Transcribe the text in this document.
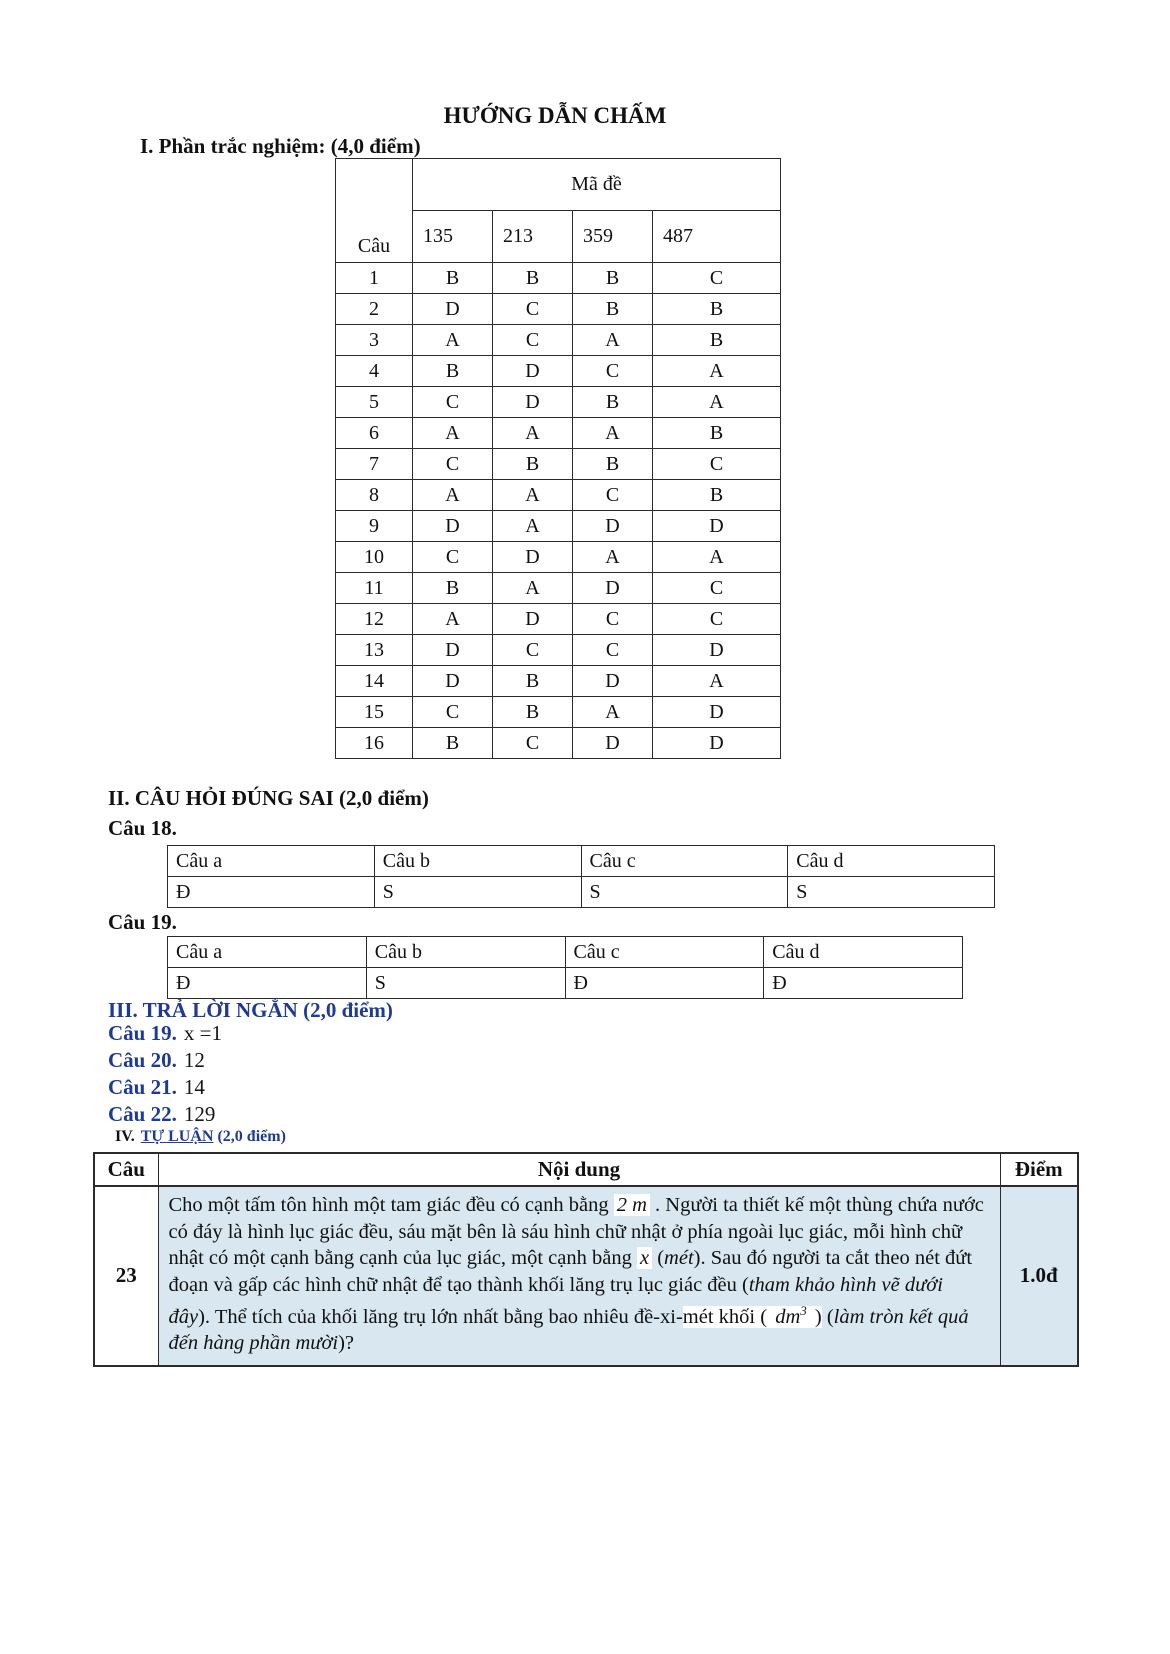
HƯỚNG DẪN CHẤM
I. Phần trắc nghiệm: (4,0 điểm)
Câu	Mã đề			
	135	213	359	487
1	B	B	B	C
2	D	C	B	B
3	A	C	A	B
4	B	D	C	A
5	C	D	B	A
6	A	A	A	B
7	C	B	B	C
8	A	A	C	B
9	D	A	D	D
10	C	D	A	A
11	B	A	D	C
12	A	D	C	C
13	D	C	C	D
14	D	B	D	A
15	C	B	A	D
16	B	C	D	D
II. CÂU HỎI ĐÚNG SAI (2,0 điểm)
Câu 18.
Câu a	Câu b	Câu c	Câu d
Đ	S	S	S
Câu 19.
Câu a	Câu b	Câu c	Câu d
Đ	S	Đ	Đ
III. TRẢ LỜI NGẮN (2,0 điểm)
Câu 19. x =1
Câu 20. 12
Câu 21. 14
Câu 22. 129
IV. TỰ LUẬN (2,0 điểm)
Câu	Nội dung	Điểm
23	Cho một tấm tôn hình một tam giác đều có cạnh bằng 2 m . Người ta thiết kế một thùng chứa nước có đáy là hình lục giác đều, sáu mặt bên là sáu hình chữ nhật ở phía ngoài lục giác, mỗi hình chữ nhật có một cạnh bằng cạnh của lục giác, một cạnh bằng x (mét). Sau đó người ta cắt theo nét đứt đoạn và gấp các hình chữ nhật để tạo thành khối lăng trụ lục giác đều (tham khảo hình vẽ dưới đây). Thể tích của khối lăng trụ lớn nhất bằng bao nhiêu đề-xi-mét khối ( $dm^3$ ) (làm tròn kết quả đến hàng phần mười)?	1.0đ
